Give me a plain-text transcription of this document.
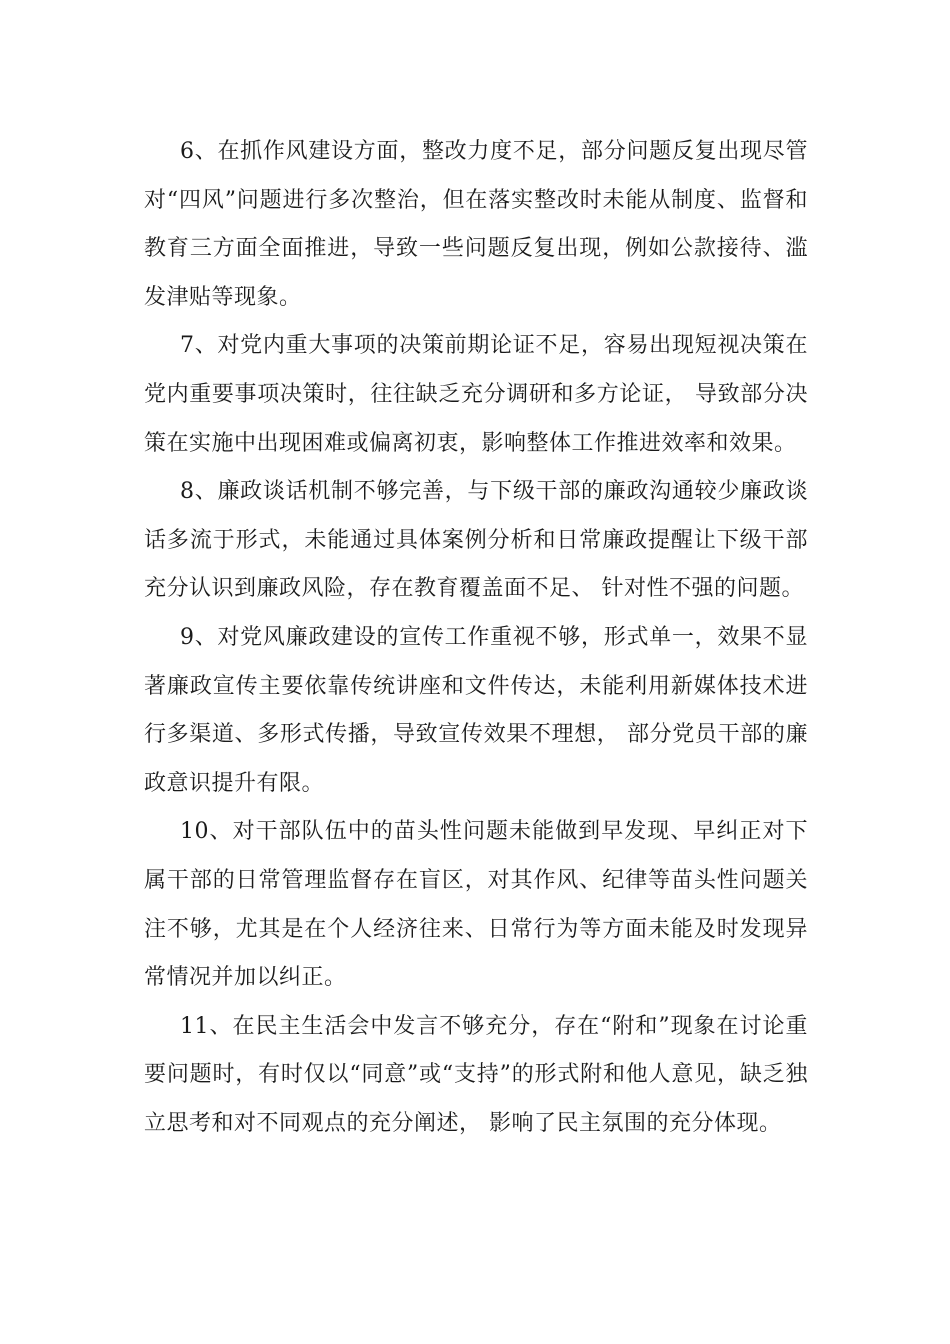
6、在抓作风建设方面，整改力度不足，部分问题反复出现尽管对“四风”问题进行多次整治，但在落实整改时未能从制度、监督和教育三方面全面推进，导致一些问题反复出现，例如公款接待、滥发津贴等现象。

7、对党内重大事项的决策前期论证不足，容易出现短视决策在党内重要事项决策时，往往缺乏充分调研和多方论证， 导致部分决策在实施中出现困难或偏离初衷，影响整体工作推进效率和效果。

8、廉政谈话机制不够完善，与下级干部的廉政沟通较少廉政谈话多流于形式，未能通过具体案例分析和日常廉政提醒让下级干部充分认识到廉政风险，存在教育覆盖面不足、 针对性不强的问题。

9、对党风廉政建设的宣传工作重视不够，形式单一，效果不显著廉政宣传主要依靠传统讲座和文件传达，未能利用新媒体技术进行多渠道、多形式传播，导致宣传效果不理想， 部分党员干部的廉政意识提升有限。

10、对干部队伍中的苗头性问题未能做到早发现、早纠正对下属干部的日常管理监督存在盲区，对其作风、纪律等苗头性问题关注不够，尤其是在个人经济往来、日常行为等方面未能及时发现异常情况并加以纠正。

11、在民主生活会中发言不够充分，存在“附和”现象在讨论重要问题时，有时仅以“同意”或“支持”的形式附和他人意见，缺乏独立思考和对不同观点的充分阐述， 影响了民主氛围的充分体现。
